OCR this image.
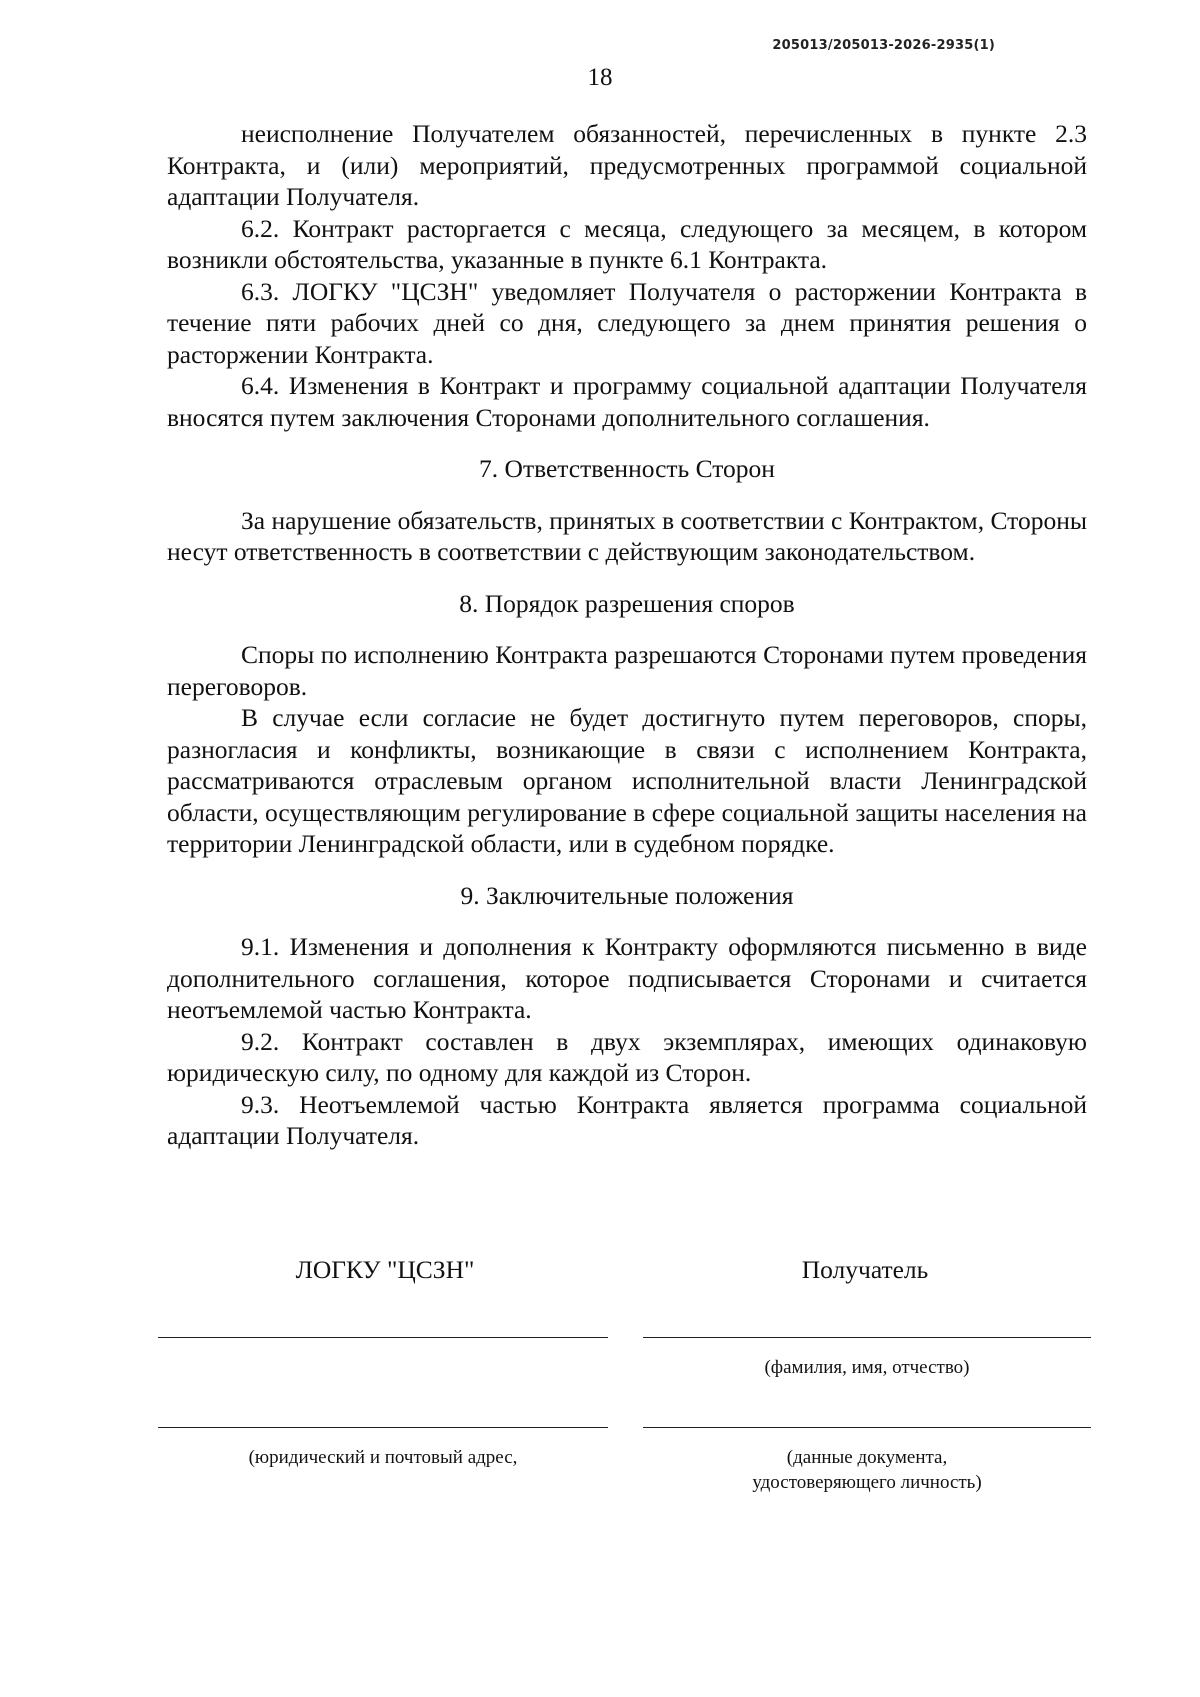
205013/205013-2026-2935(1)
18

неисполнение Получателем обязанностей, перечисленных в пункте 2.3 Контракта, и (или) мероприятий, предусмотренных программой социальной адаптации Получателя.

6.2. Контракт расторгается с месяца, следующего за месяцем, в котором возникли обстоятельства, указанные в пункте 6.1 Контракта.

6.3. ЛОГКУ "ЦСЗН" уведомляет Получателя о расторжении Контракта в течение пяти рабочих дней со дня, следующего за днем принятия решения о расторжении Контракта.

6.4. Изменения в Контракт и программу социальной адаптации Получателя вносятся путем заключения Сторонами дополнительного соглашения.

7. Ответственность Сторон

За нарушение обязательств, принятых в соответствии с Контрактом, Стороны несут ответственность в соответствии с действующим законодательством.

8. Порядок разрешения споров

Споры по исполнению Контракта разрешаются Сторонами путем проведения переговоров.

В случае если согласие не будет достигнуто путем переговоров, споры, разногласия и конфликты, возникающие в связи с исполнением Контракта, рассматриваются отраслевым органом исполнительной власти Ленинградской области, осуществляющим регулирование в сфере социальной защиты населения на территории Ленинградской области, или в судебном порядке.

9. Заключительные положения

9.1. Изменения и дополнения к Контракту оформляются письменно в виде дополнительного соглашения, которое подписывается Сторонами и считается неотъемлемой частью Контракта.

9.2. Контракт составлен в двух экземплярах, имеющих одинаковую юридическую силу, по одному для каждой из Сторон.

9.3. Неотъемлемой частью Контракта является программа социальной адаптации Получателя.

ЛОГКУ "ЦСЗН"	Получатель
(фамилия, имя, отчество)
(юридический и почтовый адрес,	(данные документа,
удостоверяющего личность)
